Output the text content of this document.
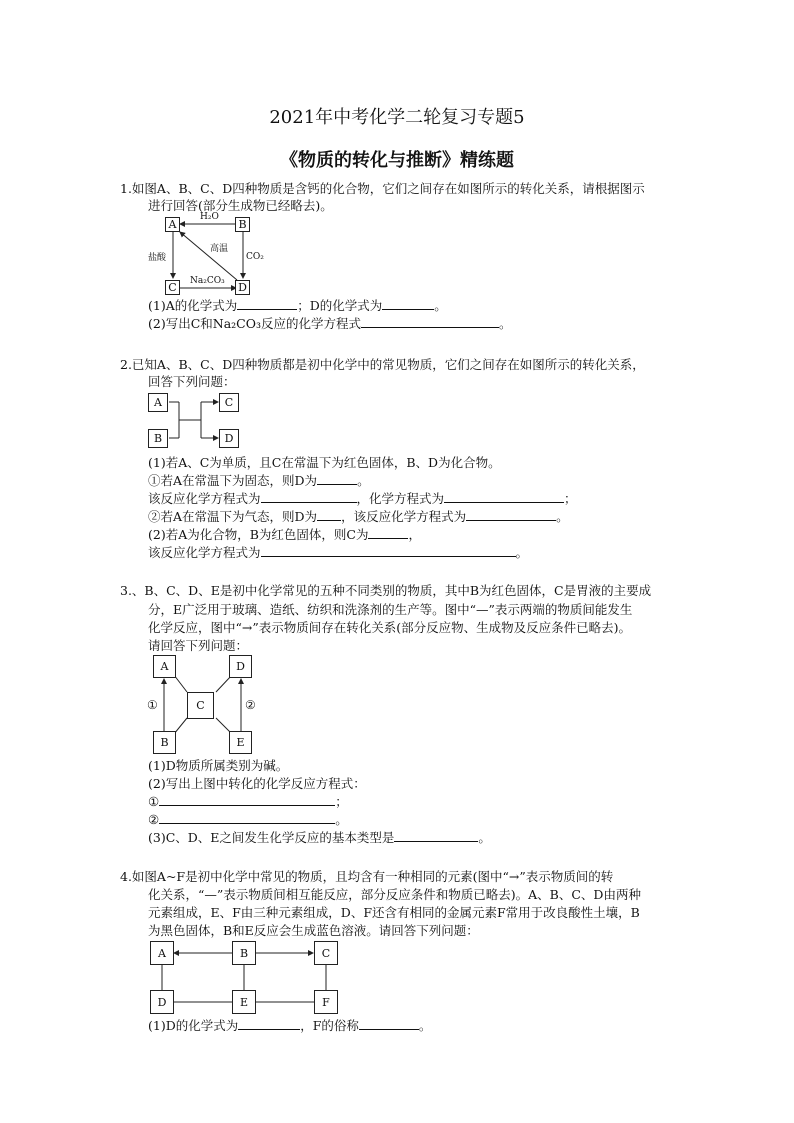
2021年中考化学二轮复习专题5
《物质的转化与推断》精练题
1.如图A、B、C、D四种物质是含钙的化合物，它们之间存在如图所示的转化关系，请根据图示
进行回答(部分生成物已经略去)。
A	B
C	D
H₂O
高温
CO₂
盐酸
Na₂CO₃
(1)A的化学式为	；D的化学式为	。
(2)写出C和Na₂CO₃反应的化学方程式	。
2.已知A、B、C、D四种物质都是初中化学中的常见物质，它们之间存在如图所示的转化关系，
回答下列问题：
A
B
C
D
(1)若A、C为单质，且C在常温下为红色固体，B、D为化合物。
①若A在常温下为固态，则D为	。
该反应化学方程式为	，化学方程式为	；
②若A在常温下为气态，则D为 ，该反应化学方程式为	。
(2)若A为化合物，B为红色固体，则C为	，
该反应化学方程式为	。
3.、B、C、D、E是初中化学常见的五种不同类别的物质，其中B为红色固体，C是胃液的主要成
分，E广泛用于玻璃、造纸、纺织和洗涤剂的生产等。图中“—”表示两端的物质间能发生
化学反应，图中“→”表示物质间存在转化关系(部分反应物、生成物及反应条件已略去)。
请回答下列问题：
A	D
C
B	E
①	②
(1)D物质所属类别为碱。
(2)写出上图中转化的化学反应方程式：
①	；
②	。
(3)C、D、E之间发生化学反应的基本类型是	。
4.如图A~F是初中化学中常见的物质，且均含有一种相同的元素(图中“→”表示物质间的转
化关系，“—”表示物质间相互能反应，部分反应条件和物质已略去)。A、B、C、D由两种
元素组成，E、F由三种元素组成，D、F还含有相同的金属元素F常用于改良酸性土壤，B
为黑色固体，B和E反应会生成蓝色溶液。请回答下列问题：
A	B	C
D	E	F
(1)D的化学式为	，F的俗称	。
